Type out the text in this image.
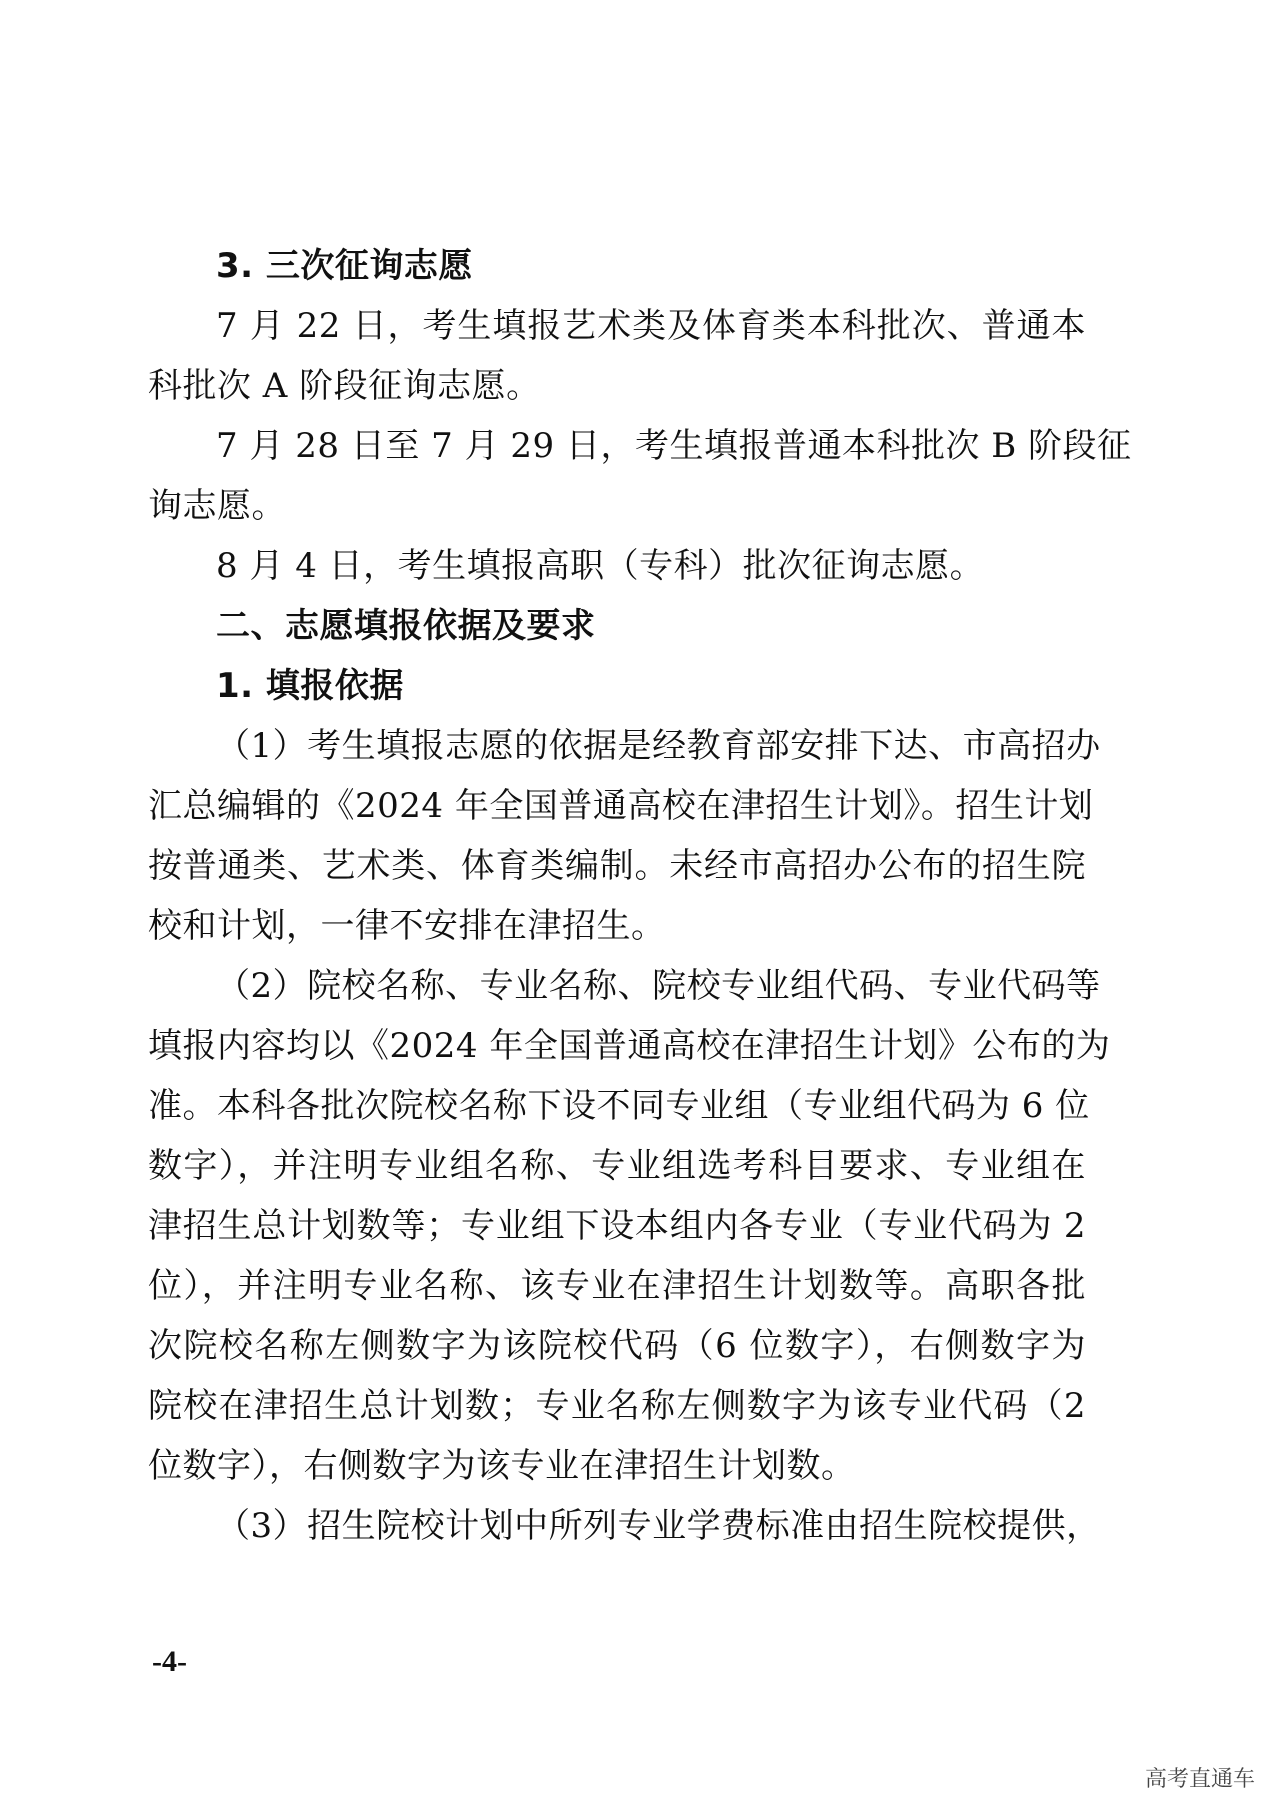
3. 三次征询志愿
7 月 22 日，考生填报艺术类及体育类本科批次、普通本
科批次 A 阶段征询志愿。
7 月 28 日至 7 月 29 日，考生填报普通本科批次 B 阶段征
询志愿。
8 月 4 日，考生填报高职（专科）批次征询志愿。
二、志愿填报依据及要求
1. 填报依据
（1）考生填报志愿的依据是经教育部安排下达、市高招办
汇总编辑的《2024 年全国普通高校在津招生计划》。招生计划
按普通类、艺术类、体育类编制。未经市高招办公布的招生院
校和计划，一律不安排在津招生。
（2）院校名称、专业名称、院校专业组代码、专业代码等
填报内容均以《2024 年全国普通高校在津招生计划》公布的为
准。本科各批次院校名称下设不同专业组（专业组代码为 6 位
数字），并注明专业组名称、专业组选考科目要求、专业组在
津招生总计划数等；专业组下设本组内各专业（专业代码为 2
位），并注明专业名称、该专业在津招生计划数等。高职各批
次院校名称左侧数字为该院校代码（6 位数字），右侧数字为
院校在津招生总计划数；专业名称左侧数字为该专业代码（2
位数字），右侧数字为该专业在津招生计划数。
（3）招生院校计划中所列专业学费标准由招生院校提供，
-4-
高考直通车
